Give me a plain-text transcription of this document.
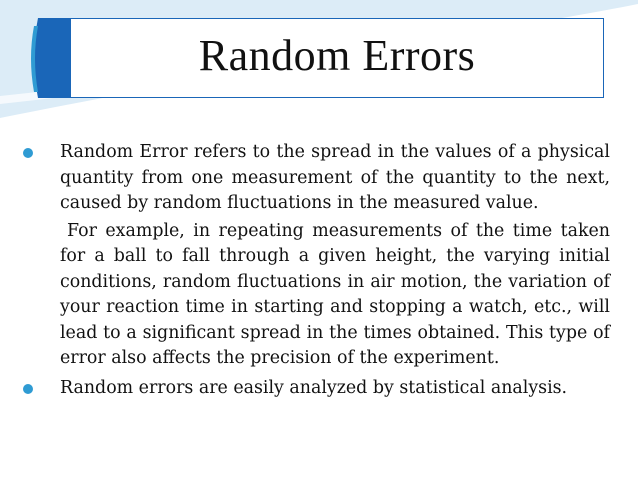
Random Errors
Random Error refers to the spread in the values of a physical quantity from one measurement of the quantity to the next, caused by random fluctuations in the measured value.
For example, in repeating measurements of the time taken for a ball to fall through a given height, the varying initial conditions, random fluctuations in air motion, the variation of your reaction time in starting and stopping a watch, etc., will lead to a significant spread in the times obtained. This type of error also affects the precision of the experiment.
Random errors are easily analyzed by statistical analysis.
